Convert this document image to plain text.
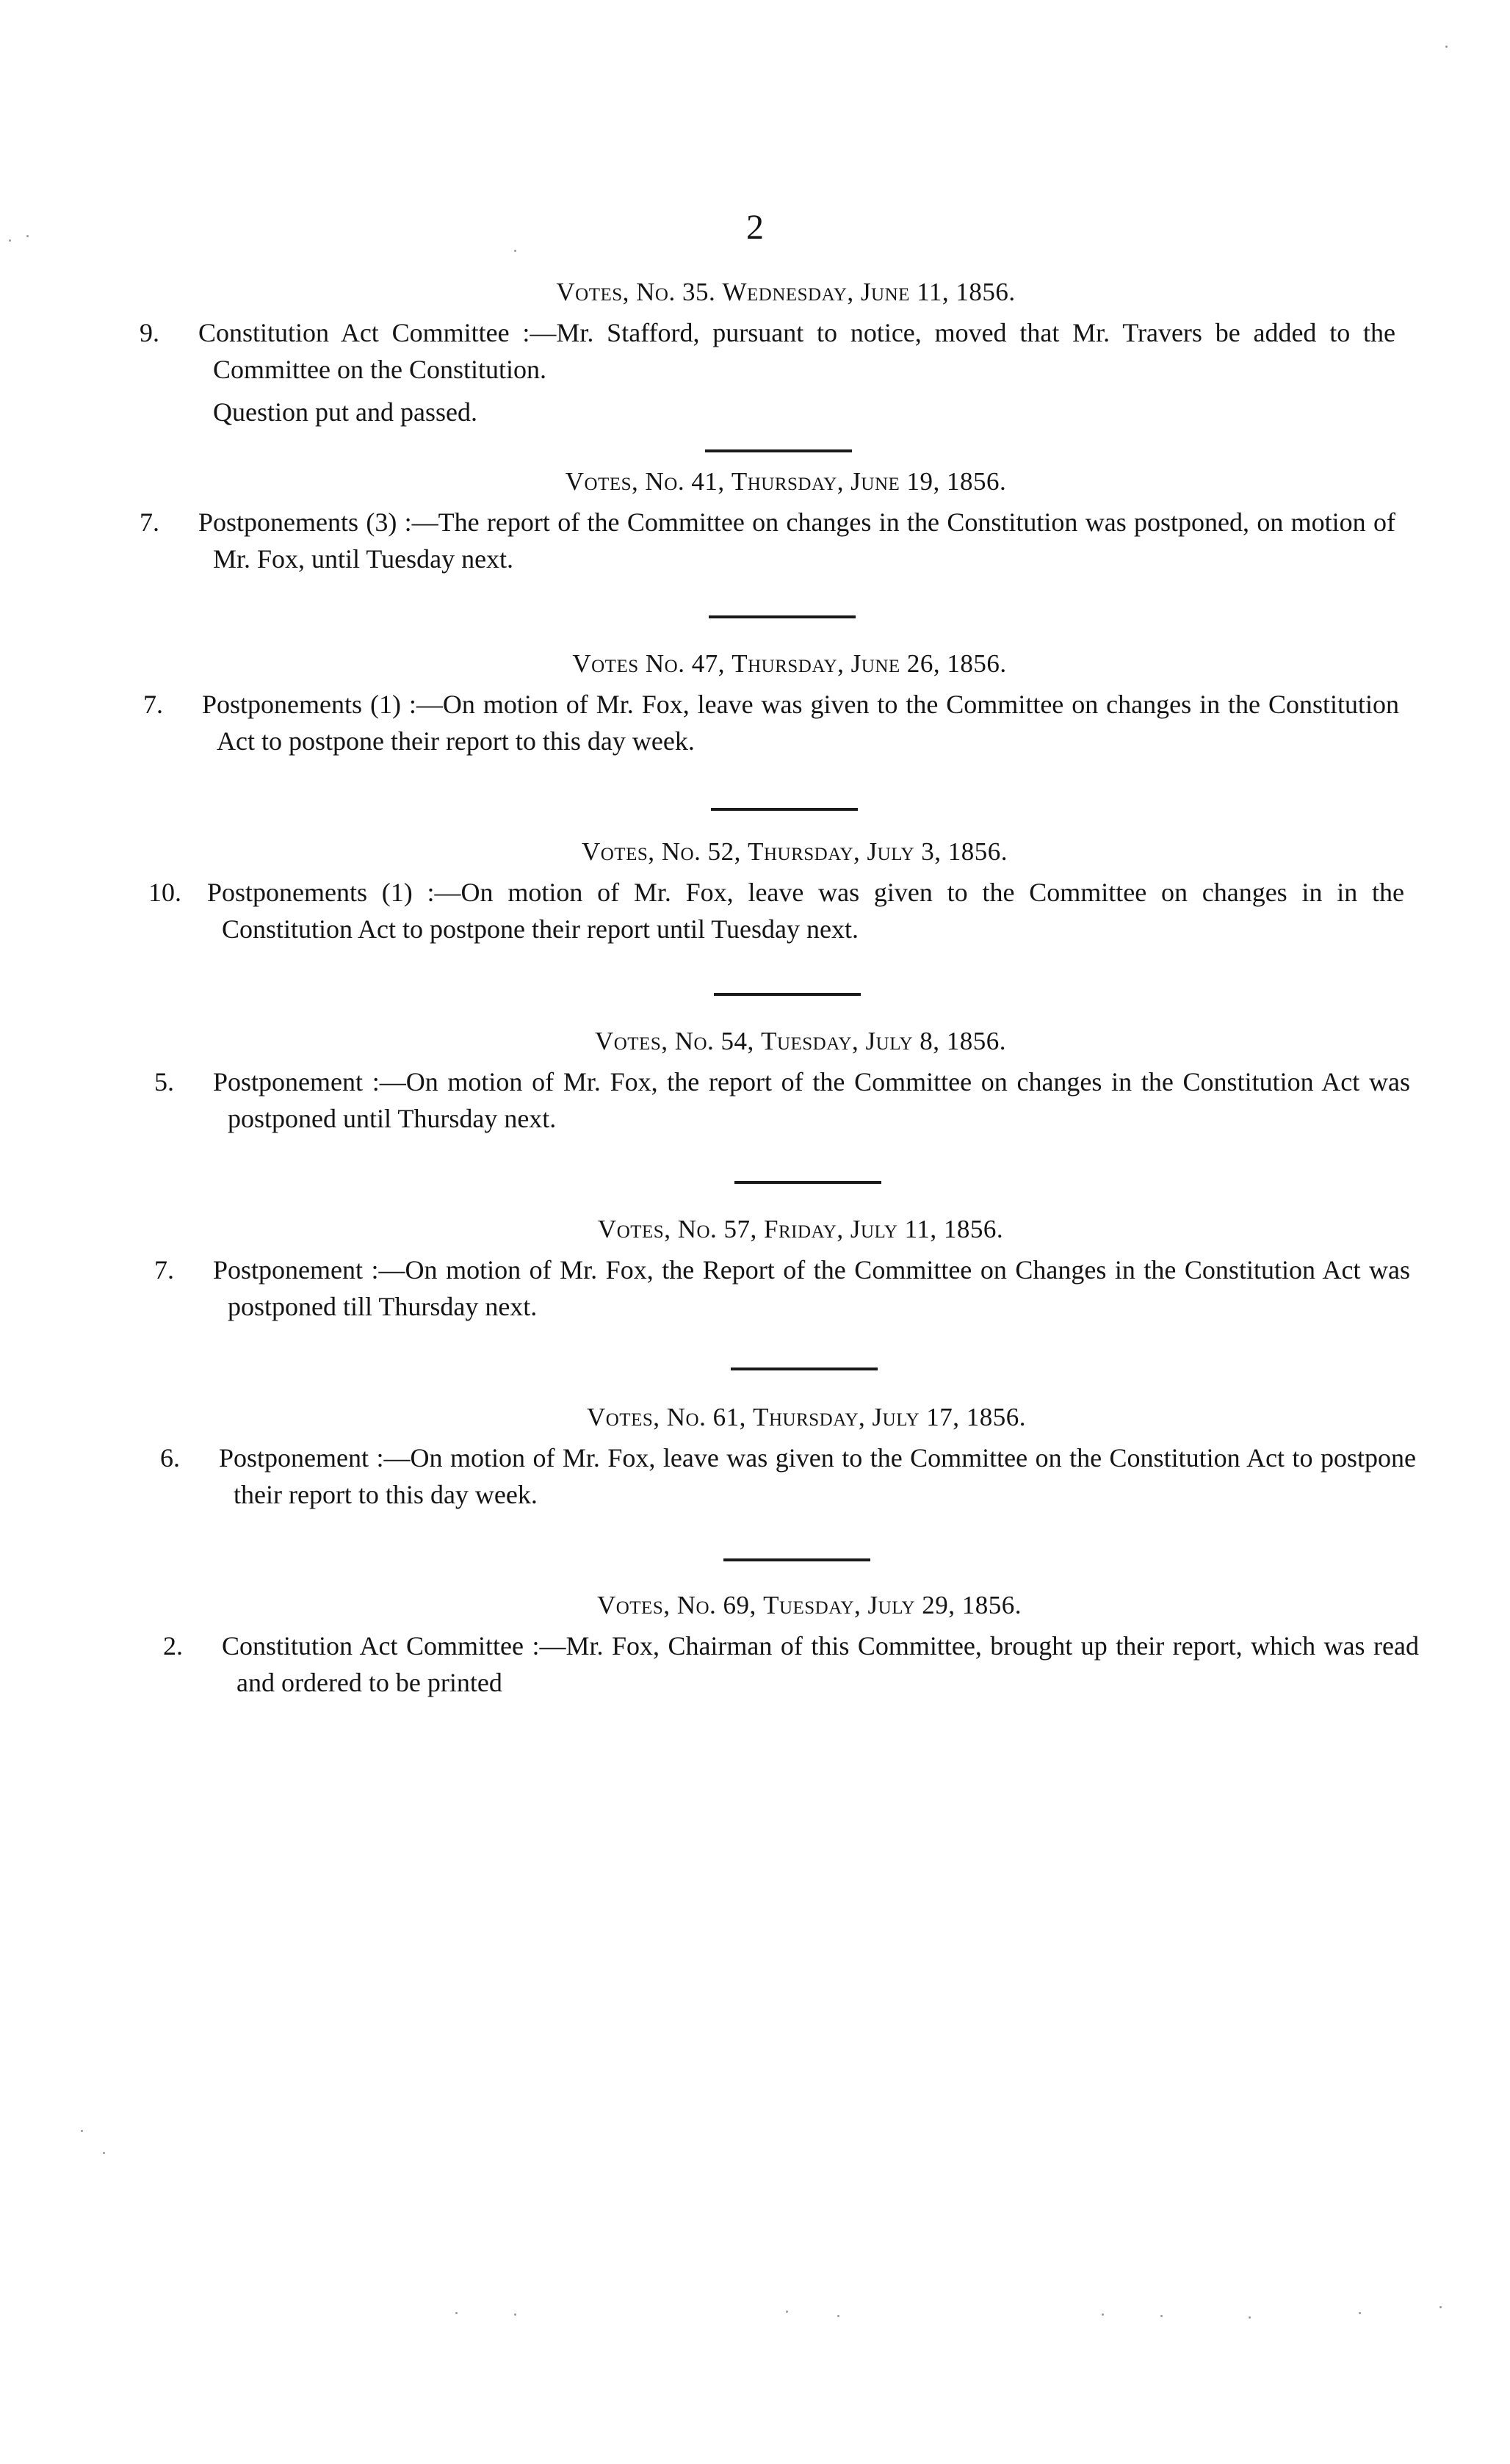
2
Votes, No. 35. Wednesday, June 11, 1856.
9 . Constitution Act Committee :— Mr. Stafford, pursuant to notice, moved that Mr. Travers be added to the Committee on the Constitution.
Question put and passed.
Votes, No. 41, Thursday, June 19, 1856.
7 . Postponements (3) :— The report of the Committee on changes in the Constitution was postponed, on motion of Mr. Fox, until Tuesday next.
Votes No. 47, Thursday, June 26, 1856.
7 . Postponements (1) :— On motion of Mr. Fox, leave was given to the Committee on changes in the Constitution Act to postpone their report to this day week.
Votes, No. 52, Thursday, July 3, 1856.
10 . Postponements (1) :— On motion of Mr. Fox, leave was given to the Committee on changes in in the Constitution Act to postpone their report until Tuesday next.
Votes, No. 54, Tuesday, July 8, 1856.
5 . Postponement :— On motion of Mr. Fox, the report of the Committee on changes in the Constitution Act was postponed until Thursday next.
Votes, No. 57, Friday, July 11, 1856.
7 . Postponement :— On motion of Mr. Fox, the Report of the Committee on Changes in the Constitution Act was postponed till Thursday next.
Votes, No. 61, Thursday, July 17, 1856.
6 . Postponement :— On motion of Mr. Fox, leave was given to the Committee on the Constitution Act to postpone their report to this day week.
Votes, No. 69, Tuesday, July 29, 1856.
2 . Constitution Act Committee :— Mr. Fox, Chairman of this Committee, brought up their report, which was read and ordered to be printed
